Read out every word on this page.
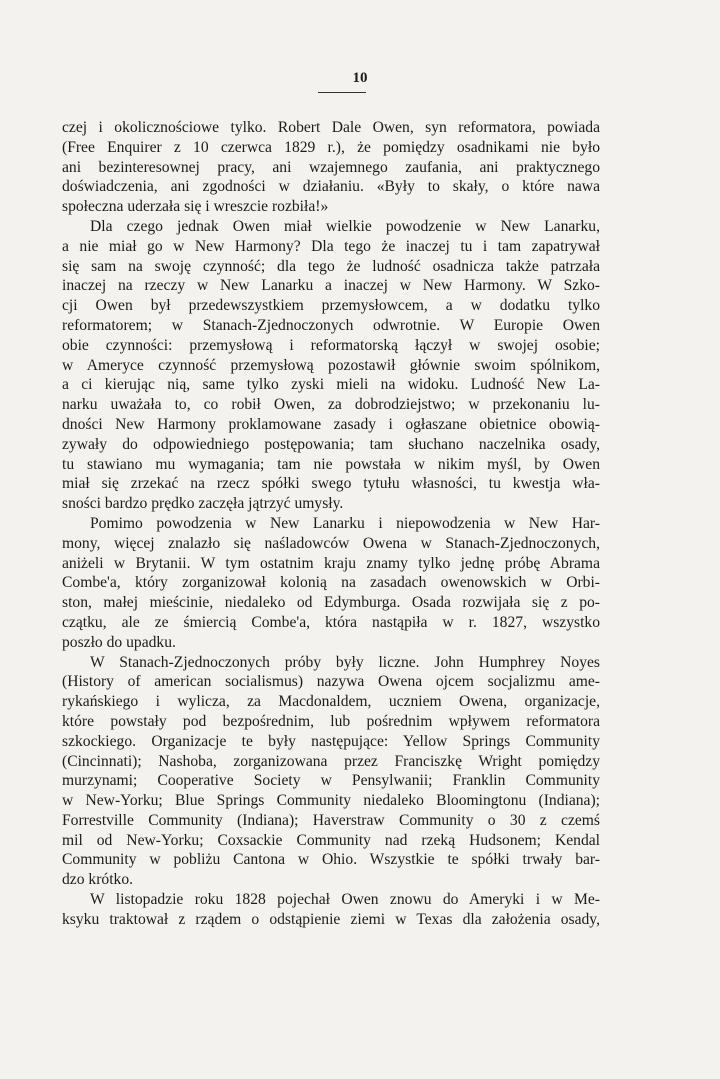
10
czej i okolicznościowe tylko. Robert Dale Owen, syn reformatora, powiada
(Free Enquirer z 10 czerwca 1829 r.), że pomiędzy osadnikami nie było
ani bezinteresownej pracy, ani wzajemnego zaufania, ani praktycznego
doświadczenia, ani zgodności w działaniu. «Były to skały, o które nawa
społeczna uderzała się i wreszcie rozbiła!»
Dla czego jednak Owen miał wielkie powodzenie w New Lanarku,
a nie miał go w New Harmony? Dla tego że inaczej tu i tam zapatrywał
się sam na swoję czynność; dla tego że ludność osadnicza także patrzała
inaczej na rzeczy w New Lanarku a inaczej w New Harmony. W Szko-
cji Owen był przedewszystkiem przemysłowcem, a w dodatku tylko
reformatorem; w Stanach-Zjednoczonych odwrotnie. W Europie Owen
obie czynności: przemysłową i reformatorską łączył w swojej osobie;
w Ameryce czynność przemysłową pozostawił głównie swoim spólnikom,
a ci kierując nią, same tylko zyski mieli na widoku. Ludność New La-
narku uważała to, co robił Owen, za dobrodziejstwo; w przekonaniu lu-
dności New Harmony proklamowane zasady i ogłaszane obietnice obowią-
zywały do odpowiedniego postępowania; tam słuchano naczelnika osady,
tu stawiano mu wymagania; tam nie powstała w nikim myśl, by Owen
miał się zrzekać na rzecz spółki swego tytułu własności, tu kwestja wła-
sności bardzo prędko zaczęła jątrzyć umysły.
Pomimo powodzenia w New Lanarku i niepowodzenia w New Har-
mony, więcej znalazło się naśladowców Owena w Stanach-Zjednoczonych,
aniżeli w Brytanii. W tym ostatnim kraju znamy tylko jednę próbę Abrama
Combe'a, który zorganizował kolonią na zasadach owenowskich w Orbi-
ston, małej mieścinie, niedaleko od Edymburga. Osada rozwijała się z po-
czątku, ale ze śmiercią Combe'a, która nastąpiła w r. 1827, wszystko
poszło do upadku.
W Stanach-Zjednoczonych próby były liczne. John Humphrey Noyes
(History of american socialismus) nazywa Owena ojcem socjalizmu ame-
rykańskiego i wylicza, za Macdonaldem, uczniem Owena, organizacje,
które powstały pod bezpośrednim, lub pośrednim wpływem reformatora
szkockiego. Organizacje te były następujące: Yellow Springs Community
(Cincinnati); Nashoba, zorganizowana przez Franciszkę Wright pomiędzy
murzynami; Cooperative Society w Pensylwanii; Franklin Community
w New-Yorku; Blue Springs Community niedaleko Bloomingtonu (Indiana);
Forrestville Community (Indiana); Haverstraw Community o 30 z czemś
mil od New-Yorku; Coxsackie Community nad rzeką Hudsonem; Kendal
Community w pobliżu Cantona w Ohio. Wszystkie te spółki trwały bar-
dzo krótko.
W listopadzie roku 1828 pojechał Owen znowu do Ameryki i w Me-
ksyku traktował z rządem o odstąpienie ziemi w Texas dla założenia osady,
